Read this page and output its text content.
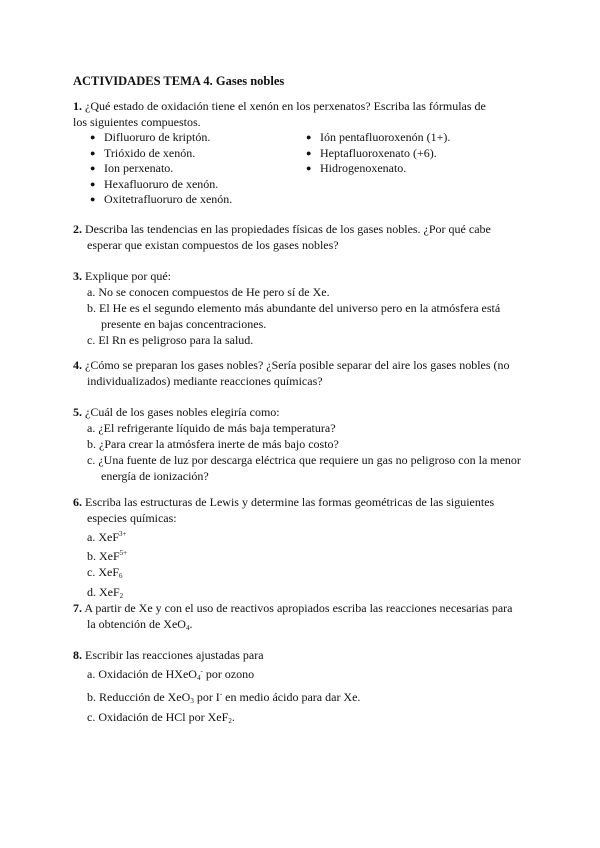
ACTIVIDADES TEMA 4. Gases nobles
1. ¿Qué estado de oxidación tiene el xenón en los perxenatos? Escriba las fórmulas de
los siguientes compuestos.
● Difluoruro de kriptón.
● Trióxido de xenón.
● Ion perxenato.
● Hexafluoruro de xenón.
● Oxitetrafluoruro de xenón.
● Ión pentafluoroxenón (1+).
● Heptafluoroxenato (+6).
● Hidrogenoxenato.
2. Describa las tendencias en las propiedades físicas de los gases nobles. ¿Por qué cabe
esperar que existan compuestos de los gases nobles?
3. Explique por qué:
a. No se conocen compuestos de He pero sí de Xe.
b. El He es el segundo elemento más abundante del universo pero en la atmósfera está
presente en bajas concentraciones.
c. El Rn es peligroso para la salud.
4. ¿Cómo se preparan los gases nobles? ¿Sería posible separar del aire los gases nobles (no
individualizados) mediante reacciones químicas?
5. ¿Cuál de los gases nobles elegiría como:
a. ¿El refrigerante líquido de más baja temperatura?
b. ¿Para crear la atmósfera inerte de más bajo costo?
c. ¿Una fuente de luz por descarga eléctrica que requiere un gas no peligroso con la menor
energía de ionización?
6. Escriba las estructuras de Lewis y determine las formas geométricas de las siguientes
especies químicas:
a. XeF$^{3+}$
b. XeF$^{5+}$
c. XeF$_6$
d. XeF$_2$
7. A partir de Xe y con el uso de reactivos apropiados escriba las reacciones necesarias para
la obtención de XeO$_4$.
8. Escribir las reacciones ajustadas para
a. Oxidación de HXeO$_4$- por ozono
b. Reducción de XeO$_3$ por I- en medio ácido para dar Xe.
c. Oxidación de HCl por XeF$_2$.
